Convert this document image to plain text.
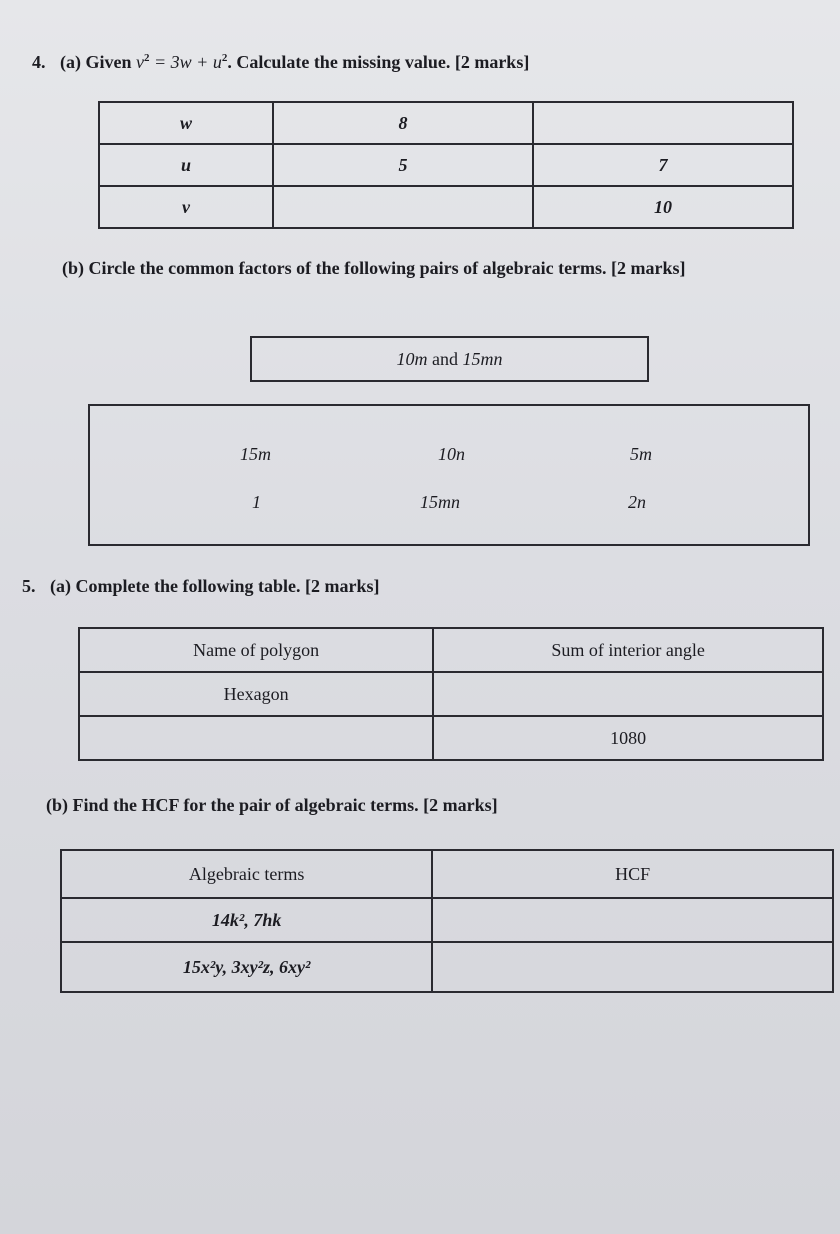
4. (a) Given $v^2 = 3w + u^2$. Calculate the missing value. [2 marks]
w	8	
u	5	7
v		10
(b) Circle the common factors of the following pairs of algebraic terms. [2 marks]
10m and 15mn
15m	10n	5m
1	15mn	2n
5. (a) Complete the following table. [2 marks]
Name of polygon	Sum of interior angle
Hexagon	
	1080
(b) Find the HCF for the pair of algebraic terms. [2 marks]
Algebraic terms	HCF
14k², 7hk	
15x²y, 3xy²z, 6xy²	
